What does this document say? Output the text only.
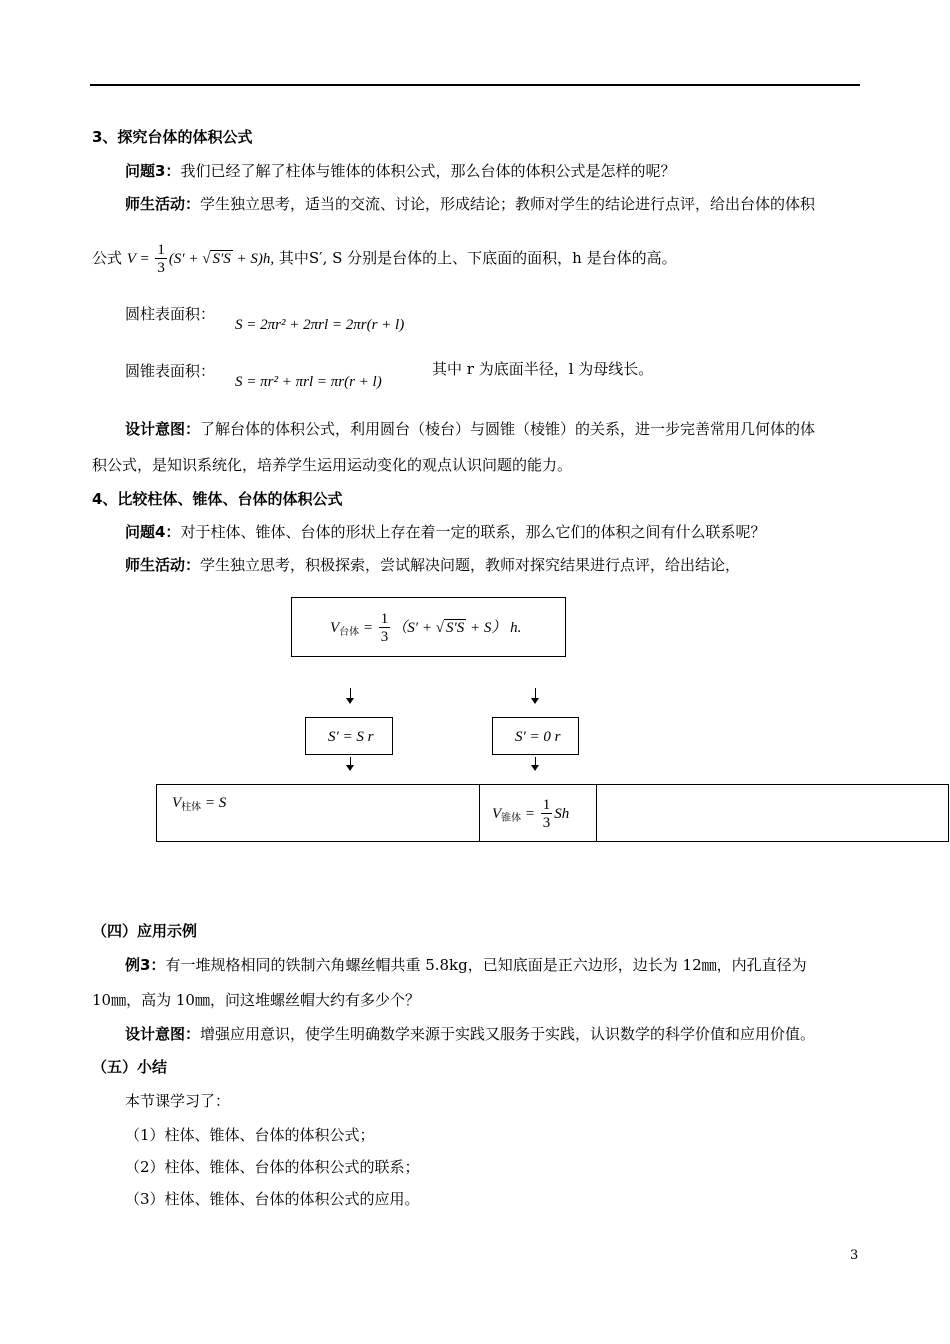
3、探究台体的体积公式
问题3：我们已经了解了柱体与锥体的体积公式，那么台体的体积公式是怎样的呢？
师生活动：学生独立思考，适当的交流、讨论，形成结论；教师对学生的结论进行点评，给出台体的体积
公式 $V = \frac{1}{3} (S'$ + √ S′S + S)h, 其中S′, S 分别是台体的上、下底面的面积，h 是台体的高。
圆柱表面积：
S = 2πr² + 2πrl = 2πr(r + l)
圆锥表面积：
S = πr² + πrl = πr(r + l)
其中 r 为底面半径，l 为母线长。
设计意图：了解台体的体积公式，利用圆台（棱台）与圆锥（棱锥）的关系，进一步完善常用几何体的体
积公式，是知识系统化，培养学生运用运动变化的观点认识问题的能力。
4、比较柱体、锥体、台体的体积公式
问题4：对于柱体、锥体、台体的形状上存在着一定的联系，那么它们的体积之间有什么联系呢？
师生活动：学生独立思考，积极探索，尝试解决问题，教师对探究结果进行点评，给出结论，
$V_{台体} = \frac{1}{3} (S'$ + √ S′S + S） h.
S′ = S r	S′ = 0 r
$V_{柱体} = S$
$V_{锥体} = \frac{1}{3}$ Sh
（四）应用示例
例3：有一堆规格相同的铁制六角螺丝帽共重 5.8kg，已知底面是正六边形，边长为 12㎜，内孔直径为
10㎜，高为 10㎜，问这堆螺丝帽大约有多少个？
设计意图：增强应用意识，使学生明确数学来源于实践又服务于实践，认识数学的科学价值和应用价值。
（五）小结
本节课学习了：
（1）柱体、锥体、台体的体积公式；
（2）柱体、锥体、台体的体积公式的联系；
（3）柱体、锥体、台体的体积公式的应用。
3
